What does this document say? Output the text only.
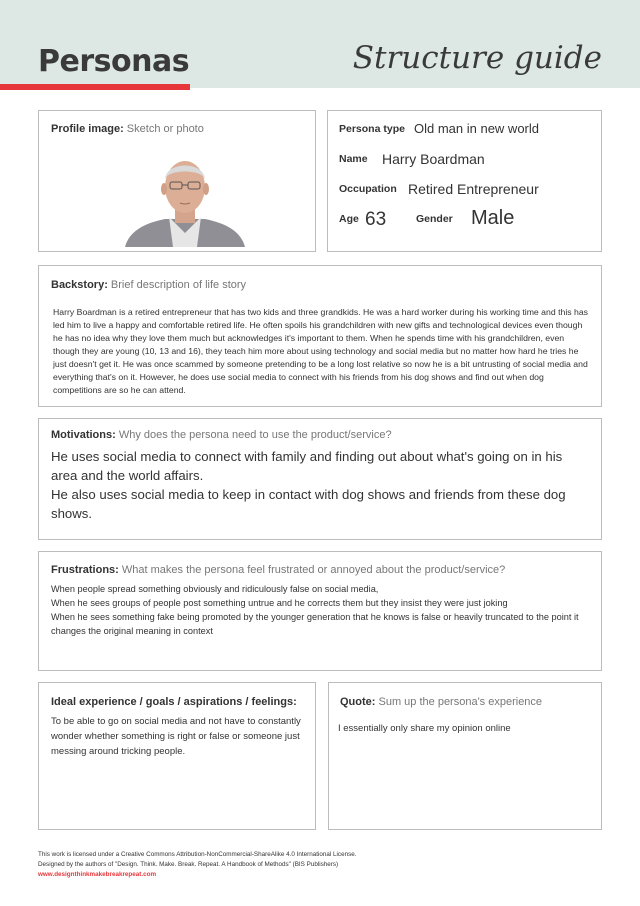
Personas	Structure guide
Profile image: Sketch or photo	Persona type Old man in new world
Name Harry Boardman
Occupation Retired Entrepreneur
Age 63	Gender Male
Backstory: Brief description of life story
Harry Boardman is a retired entrepreneur that has two kids and three grandkids. He was a hard worker during his working time and this has led him to live a happy and comfortable retired life. He often spoils his grandchildren with new gifts and technological devices even though he has no idea why they love them much but acknowledges it's important to them. When he spends time with his grandchildren, even though they are young (10, 13 and 16), they teach him more about using technology and social media but no matter how hard he tries he just doesn't get it. He was once scammed by someone pretending to be a long lost relative so now he is a bit untrusting of social media and everything that's on it. However, he does use social media to connect with his friends from his dog shows and find out when dog competitions are so he can attend.
Motivations: Why does the persona need to use the product/service?
He uses social media to connect with family and finding out about what's going on in his area and the world affairs.
He also uses social media to keep in contact with dog shows and friends from these dog shows.
Frustrations: What makes the persona feel frustrated or annoyed about the product/service?
When people spread something obviously and ridiculously false on social media,
When he sees groups of people post something untrue and he corrects them but they insist they were just joking
When he sees something fake being promoted by the younger generation that he knows is false or heavily truncated to the point it changes the original meaning in context
Ideal experience / goals / aspirations / feelings:
To be able to go on social media and not have to constantly wonder whether something is right or false or someone just messing around tricking people.
Quote: Sum up the persona's experience
I essentially only share my opinion online
This work is licensed under a Creative Commons Attribution-NonCommercial-ShareAlike 4.0 International License.
Designed by the authors of "Design. Think. Make. Break. Repeat. A Handbook of Methods" (BIS Publishers)
www.designthinkmakebreakrepeat.com
